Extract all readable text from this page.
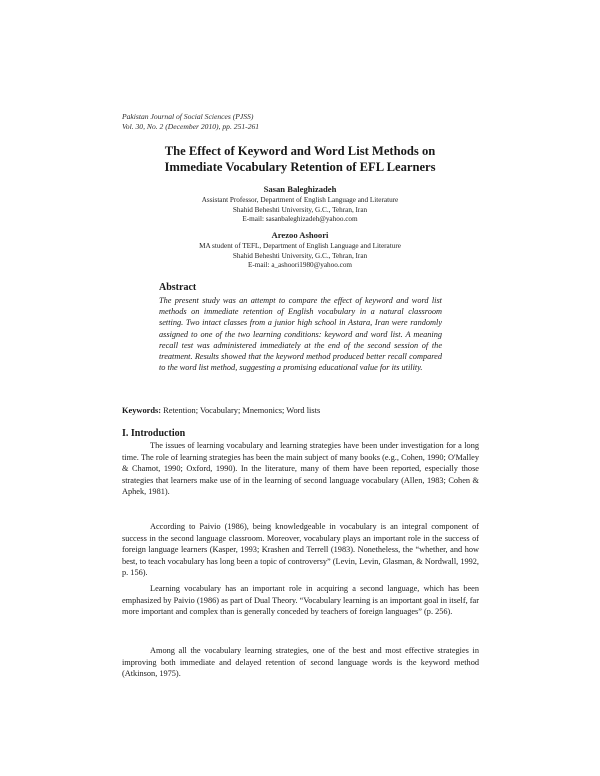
Pakistan Journal of Social Sciences (PJSS)
Vol. 30, No. 2 (December 2010), pp. 251-261
The Effect of Keyword and Word List Methods on
Immediate Vocabulary Retention of EFL Learners
Sasan Baleghizadeh
Assistant Professor, Department of English Language and Literature
Shahid Beheshti University, G.C., Tehran, Iran
E-mail: sasanbaleghizadeh@yahoo.com
Arezoo Ashoori
MA student of TEFL, Department of English Language and Literature
Shahid Beheshti University, G.C., Tehran, Iran
E-mail: a_ashoori1980@yahoo.com
Abstract
The present study was an attempt to compare the effect of keyword and word list methods on immediate retention of English vocabulary in a natural classroom setting. Two intact classes from a junior high school in Astara, Iran were randomly assigned to one of the two learning conditions: keyword and word list. A meaning recall test was administered immediately at the end of the second session of the treatment. Results showed that the keyword method produced better recall compared to the word list method, suggesting a promising educational value for its utility.
Keywords: Retention; Vocabulary; Mnemonics; Word lists
I. Introduction

The issues of learning vocabulary and learning strategies have been under investigation for a long time. The role of learning strategies has been the main subject of many books (e.g., Cohen, 1990; O'Malley & Chamot, 1990; Oxford, 1990). In the literature, many of them have been reported, especially those strategies that learners make use of in the learning of second language vocabulary (Allen, 1983; Cohen & Aphek, 1981).

According to Paivio (1986), being knowledgeable in vocabulary is an integral component of success in the second language classroom. Moreover, vocabulary plays an important role in the success of foreign language learners (Kasper, 1993; Krashen and Terrell (1983). Nonetheless, the “whether, and how best, to teach vocabulary has long been a topic of controversy” (Levin, Levin, Glasman, & Nordwall, 1992, p. 156).

Learning vocabulary has an important role in acquiring a second language, which has been emphasized by Paivio (1986) as part of Dual Theory. “Vocabulary learning is an important goal in itself, far more important and complex than is generally conceded by teachers of foreign languages” (p. 256).

Among all the vocabulary learning strategies, one of the best and most effective strategies in improving both immediate and delayed retention of second language words is the keyword method (Atkinson, 1975).
